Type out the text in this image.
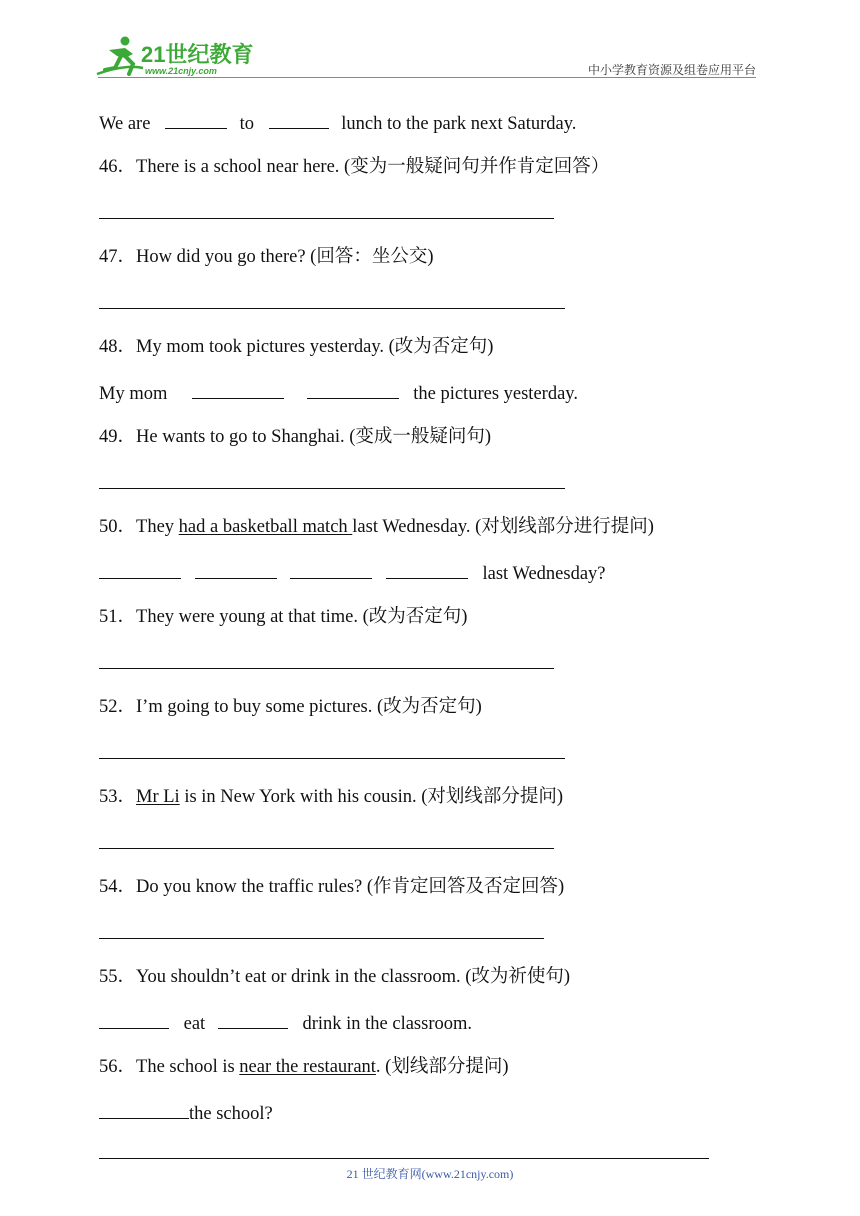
21世纪教育
www.21cnjy.com	中小学教育资源及组卷应用平台
We are	to	lunch to the park next Saturday.
46．There is a school near here. (变为一般疑问句并作肯定回答）
47．How did you go there? (回答：坐公交)
48．My mom took pictures yesterday. (改为否定句)
My mom	the pictures yesterday.
49．He wants to go to Shanghai. (变成一般疑问句)
50．They had a basketball match last Wednesday. (对划线部分进行提问)
last Wednesday?
51．They were young at that time. (改为否定句)
52．I’m going to buy some pictures. (改为否定句)
53．Mr Li is in New York with his cousin. (对划线部分提问)
54．Do you know the traffic rules? (作肯定回答及否定回答)
55．You shouldn’t eat or drink in the classroom. (改为祈使句)
eat	drink in the classroom.
56．The school is near the restaurant. (划线部分提问)
the school?
21 世纪教育网(www.21cnjy.com)
